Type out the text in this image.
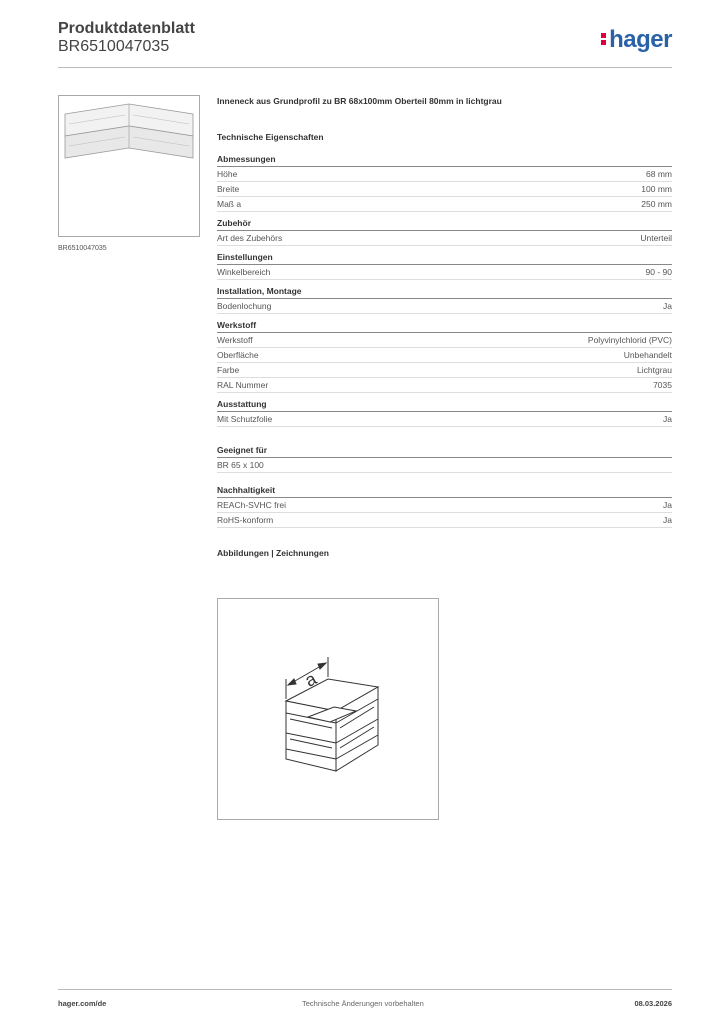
Produktdatenblatt
BR6510047035	hager
BR6510047035
Inneneck aus Grundprofil zu BR 68x100mm Oberteil 80mm in lichtgrau
Technische Eigenschaften
Abmessungen
Höhe	68 mm
Breite	100 mm
Maß a	250 mm
Zubehör
Art des Zubehörs	Unterteil
Einstellungen
Winkelbereich	90 - 90
Installation, Montage
Bodenlochung	Ja
Werkstoff
Werkstoff	Polyvinylchlorid (PVC)
Oberfläche	Unbehandelt
Farbe	Lichtgrau
RAL Nummer	7035
Ausstattung
Mit Schutzfolie	Ja
Geeignet für
BR 65 x 100
Nachhaltigkeit
REACh-SVHC frei	Ja
RoHS-konform	Ja
Abbildungen | Zeichnungen
a
hager.com/de	Technische Änderungen vorbehalten	08.03.2026
